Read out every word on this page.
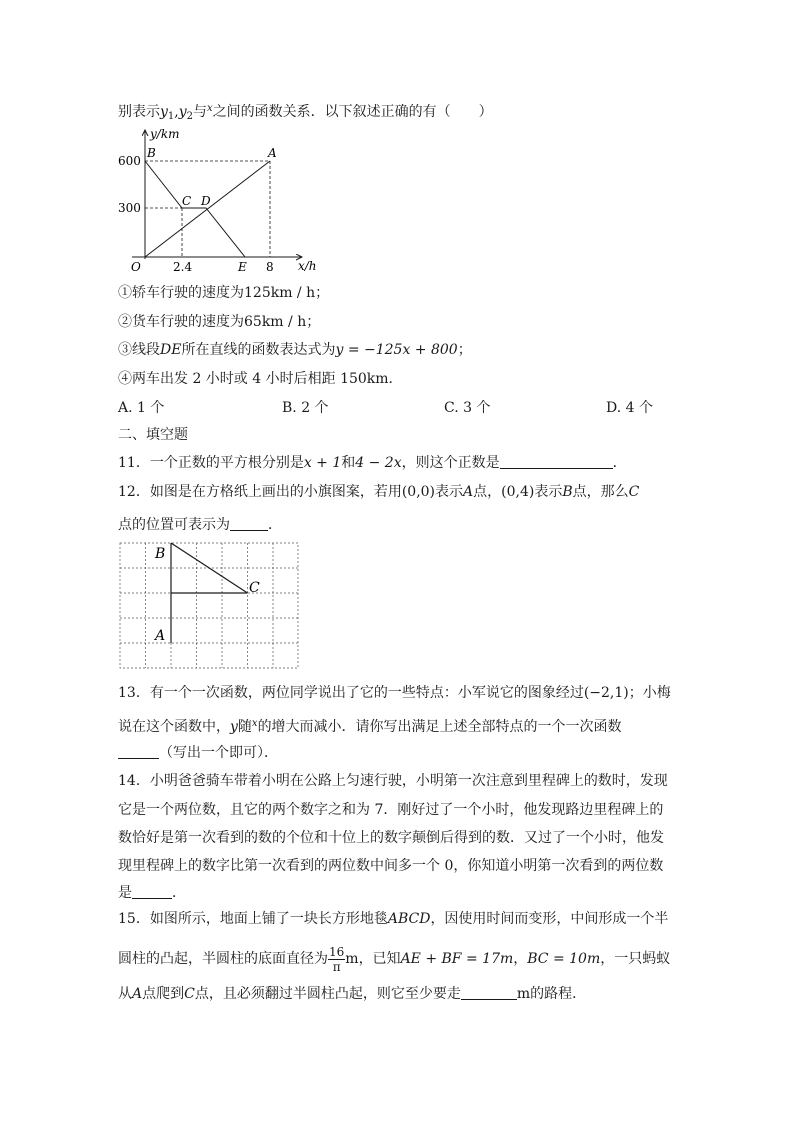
别表示$y_1,y_2$与$^x$之间的函数关系．以下叙述正确的有（　　）
y/km
x/h
O
600
300
2.4	8
B	A
C D
E
①轿车行驶的速度为125km / h；
②货车行驶的速度为65km / h；
③线段DE所在直线的函数表达式为y = −125x + 800；
④两车出发 2 小时或 4 小时后相距 150km．
A. 1 个	B. 2 个	C. 3 个	D. 4 个
二、填空题
11．一个正数的平方根分别是x + 1和4 − 2x，则这个正数是	．
12．如图是在方格纸上画出的小旗图案，若用(0,0)表示A点，(0,4)表示B点，那么C
点的位置可表示为	．
B
C
A
13．有一个一次函数，两位同学说出了它的一些特点：小军说它的图象经过(−2,1)；小梅
说在这个函数中，y随$^x$的增大而减小．请你写出满足上述全部特点的一个一次函数
（写出一个即可）．
14．小明爸爸骑车带着小明在公路上匀速行驶，小明第一次注意到里程碑上的数时，发现
它是一个两位数，且它的两个数字之和为 7．刚好过了一个小时，他发现路边里程碑上的
数恰好是第一次看到的数的个位和十位上的数字颠倒后得到的数．又过了一个小时，他发
现里程碑上的数字比第一次看到的两位数中间多一个 0，你知道小明第一次看到的两位数
是	．
15．如图所示，地面上铺了一块长方形地毯ABCD，因使用时间而变形，中间形成一个半
圆柱的凸起，半圆柱的底面直径为 $\frac{16}{\pi}$ m，已知AE + BF = 17m，BC = 10m，一只蚂蚁
从A点爬到C点，且必须翻过半圆柱凸起，则它至少要走	m的路程．
